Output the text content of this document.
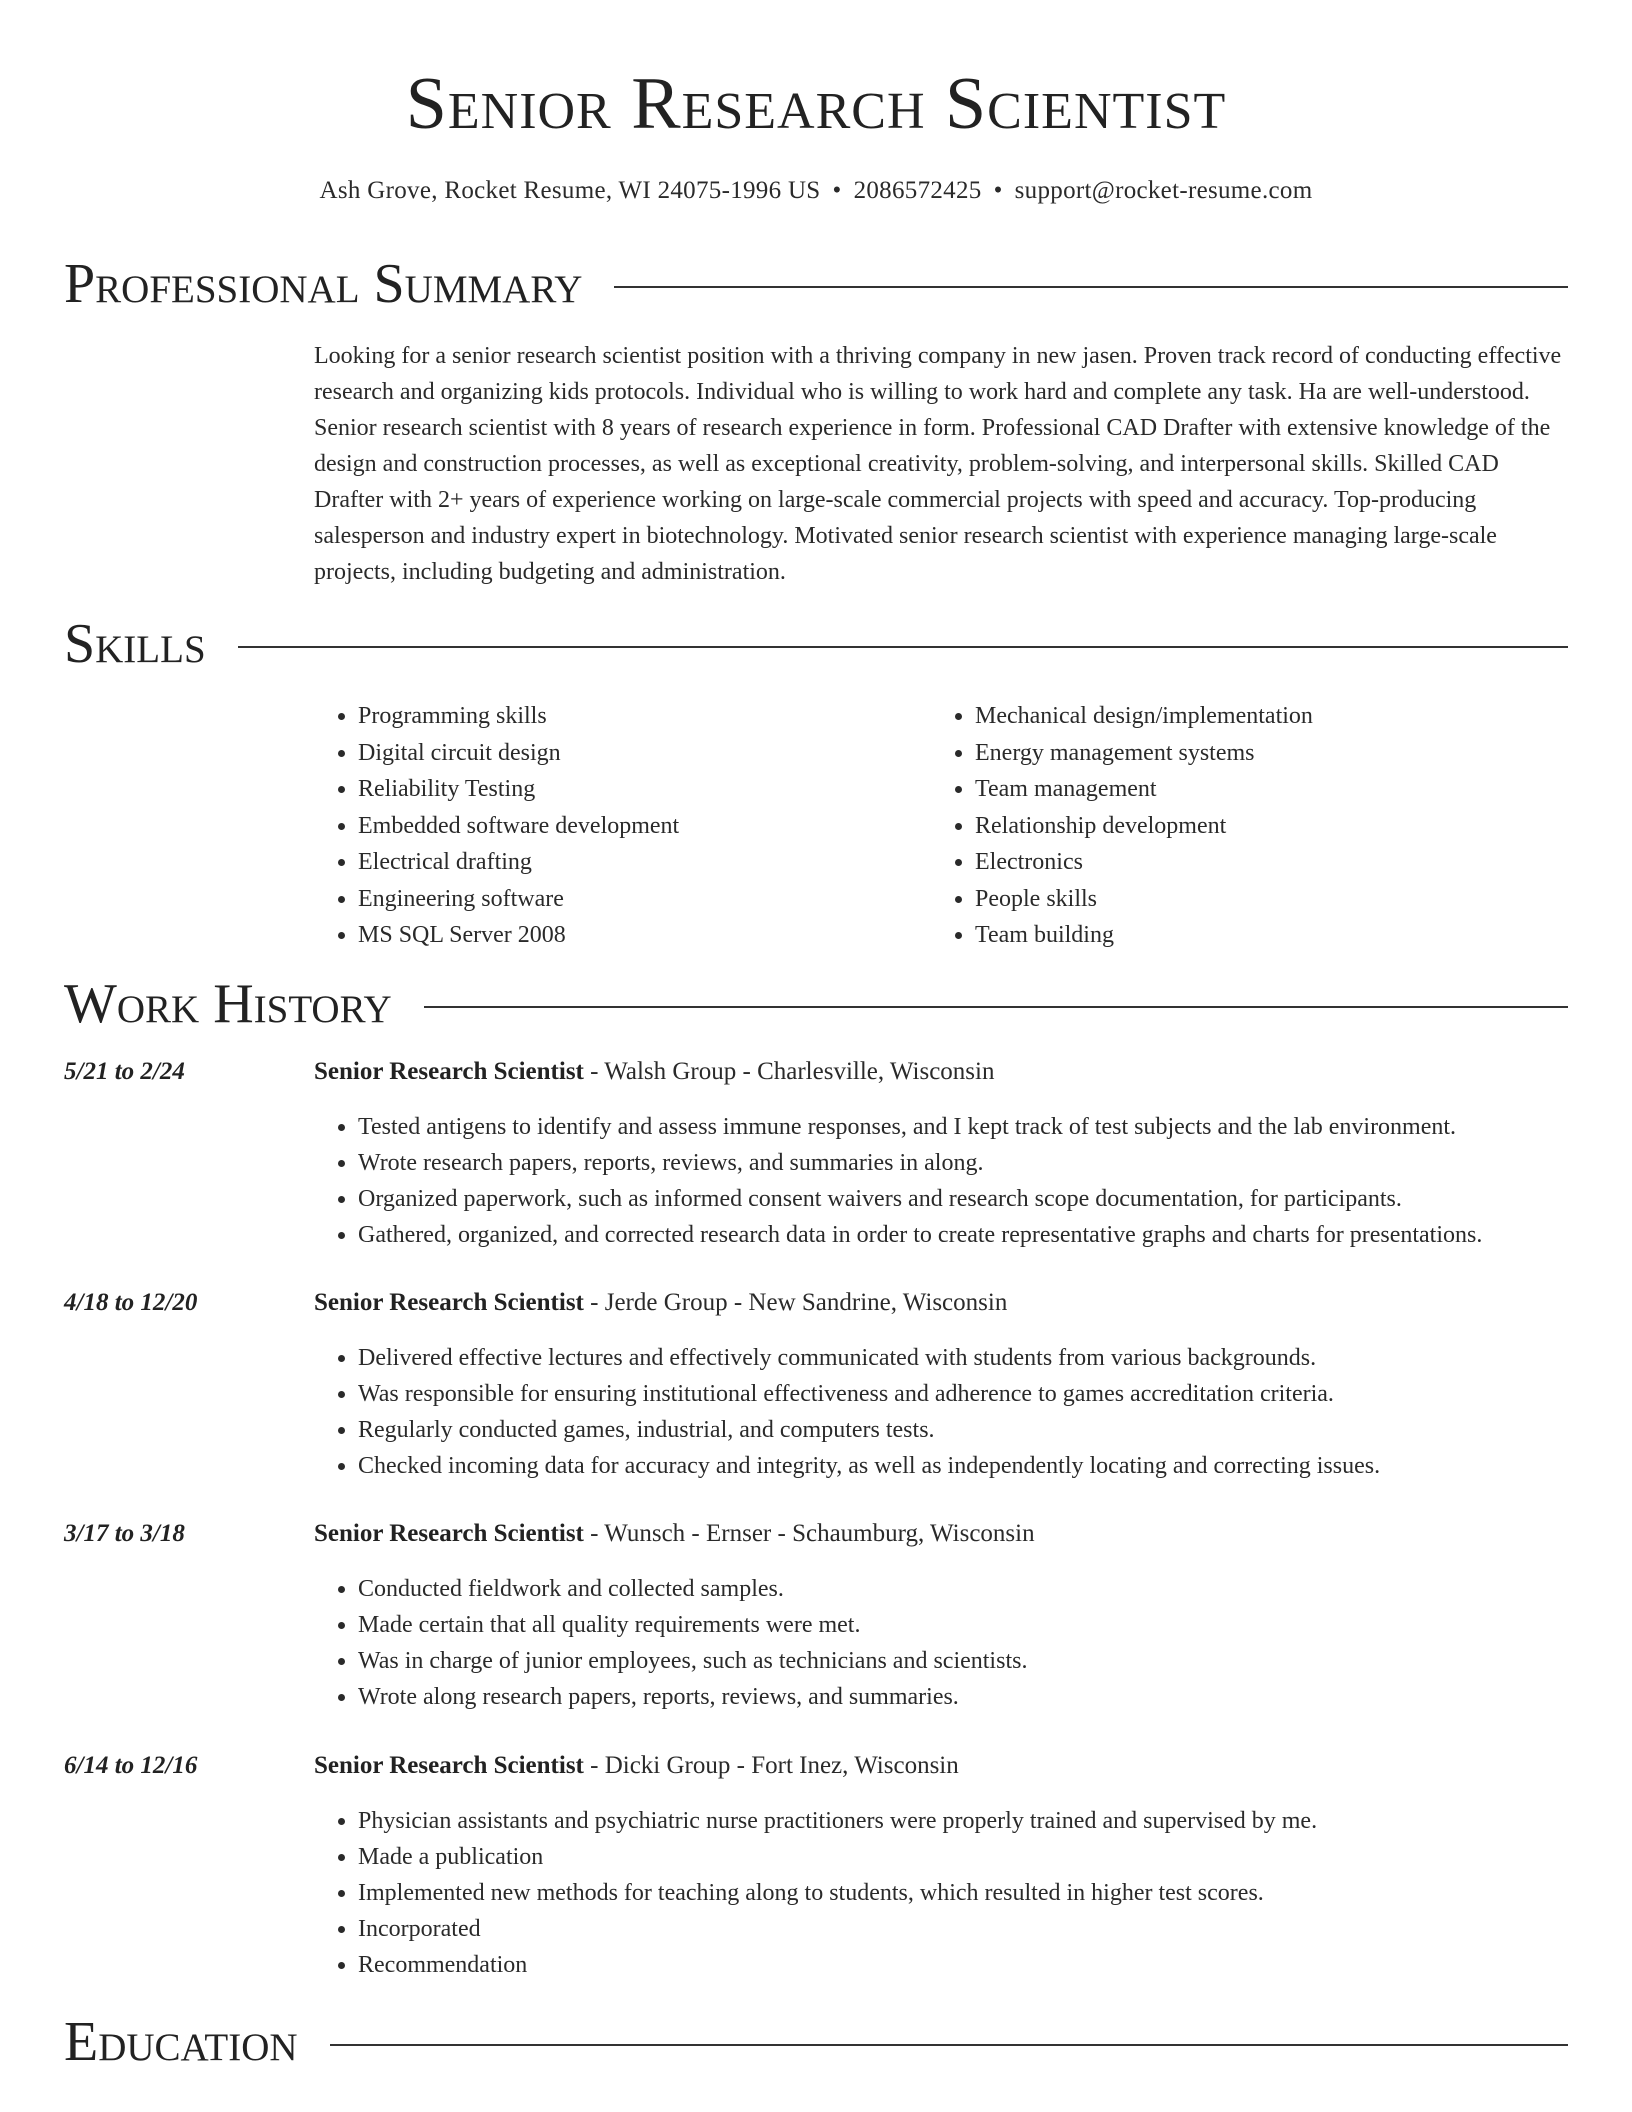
Senior Research Scientist
Ash Grove, Rocket Resume, WI 24075-1996 US • 2086572425 • support@rocket-resume.com
Professional Summary
Looking for a senior research scientist position with a thriving company in new jasen. Proven track record of conducting effective research and organizing kids protocols. Individual who is willing to work hard and complete any task. Ha are well-understood. Senior research scientist with 8 years of research experience in form. Professional CAD Drafter with extensive knowledge of the design and construction processes, as well as exceptional creativity, problem-solving, and interpersonal skills. Skilled CAD Drafter with 2+ years of experience working on large-scale commercial projects with speed and accuracy. Top-producing salesperson and industry expert in biotechnology. Motivated senior research scientist with experience managing large-scale projects, including budgeting and administration.
Skills
• Programming skills
• Digital circuit design
• Reliability Testing
• Embedded software development
• Electrical drafting
• Engineering software
• MS SQL Server 2008
• Mechanical design/implementation
• Energy management systems
• Team management
• Relationship development
• Electronics
• People skills
• Team building
Work History
5/21 to 2/24	Senior Research Scientist - Walsh Group - Charlesville, Wisconsin
• Tested antigens to identify and assess immune responses, and I kept track of test subjects and the lab environment.
• Wrote research papers, reports, reviews, and summaries in along.
• Organized paperwork, such as informed consent waivers and research scope documentation, for participants.
• Gathered, organized, and corrected research data in order to create representative graphs and charts for presentations.
4/18 to 12/20	Senior Research Scientist - Jerde Group - New Sandrine, Wisconsin
• Delivered effective lectures and effectively communicated with students from various backgrounds.
• Was responsible for ensuring institutional effectiveness and adherence to games accreditation criteria.
• Regularly conducted games, industrial, and computers tests.
• Checked incoming data for accuracy and integrity, as well as independently locating and correcting issues.
3/17 to 3/18	Senior Research Scientist - Wunsch - Ernser - Schaumburg, Wisconsin
• Conducted fieldwork and collected samples.
• Made certain that all quality requirements were met.
• Was in charge of junior employees, such as technicians and scientists.
• Wrote along research papers, reports, reviews, and summaries.
6/14 to 12/16	Senior Research Scientist - Dicki Group - Fort Inez, Wisconsin
• Physician assistants and psychiatric nurse practitioners were properly trained and supervised by me.
• Made a publication
• Implemented new methods for teaching along to students, which resulted in higher test scores.
• Incorporated
• Recommendation
Education
